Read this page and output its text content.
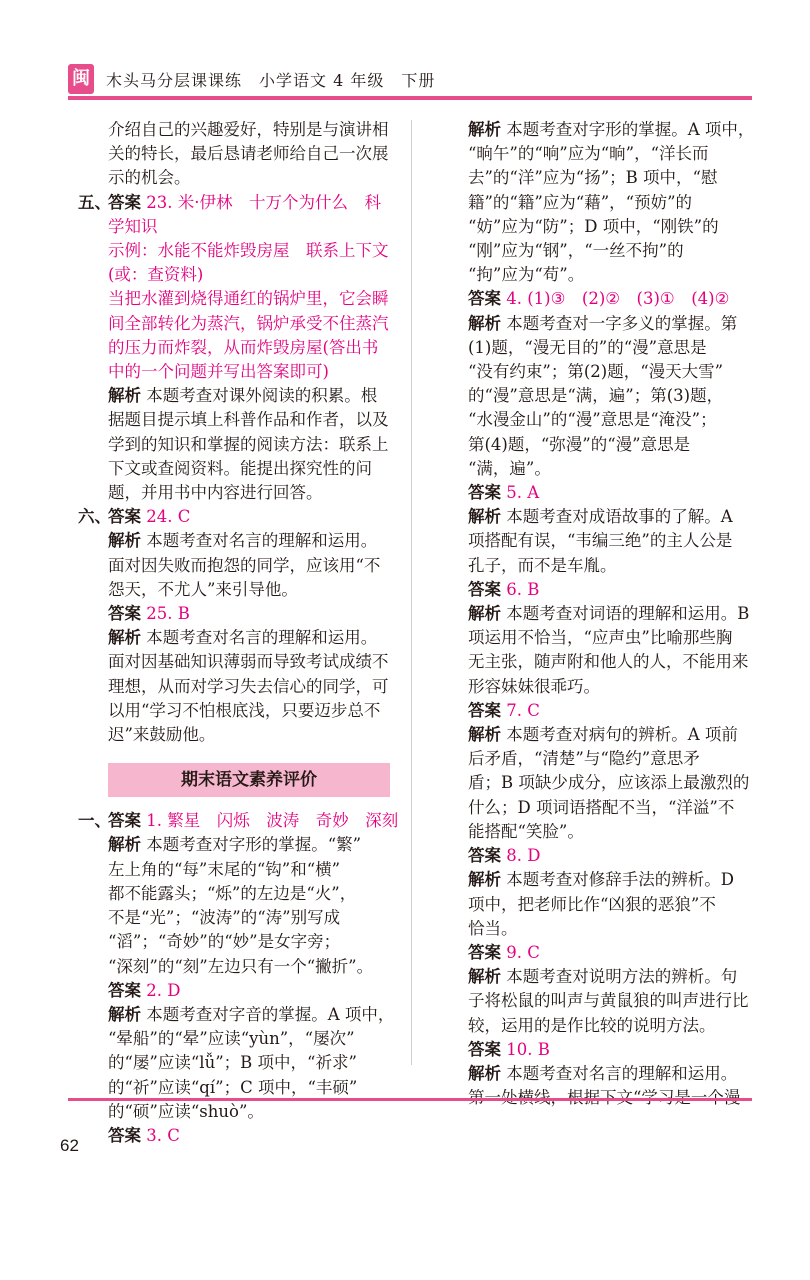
闽 木头马分层课课练　小学语文 4 年级　下册
介绍自己的兴趣爱好，特别是与演讲相
关的特长，最后恳请老师给自己一次展
示的机会。
五、
答案 23. 米·伊林　十万个为什么　科
学知识
示例：水能不能炸毁房屋　联系上下文
(或：查资料)
当把水灌到烧得通红的锅炉里，它会瞬
间全部转化为蒸汽，锅炉承受不住蒸汽
的压力而炸裂，从而炸毁房屋(答出书
中的一个问题并写出答案即可)
解析 本题考查对课外阅读的积累。根
据题目提示填上科普作品和作者，以及
学到的知识和掌握的阅读方法：联系上
下文或查阅资料。能提出探究性的问
题，并用书中内容进行回答。
六、
答案 24. C
解析 本题考查对名言的理解和运用。
面对因失败而抱怨的同学，应该用“不
怨天，不尤人”来引导他。
答案 25. B
解析 本题考查对名言的理解和运用。
面对因基础知识薄弱而导致考试成绩不
理想，从而对学习失去信心的同学，可
以用“学习不怕根底浅，只要迈步总不
迟”来鼓励他。
期末语文素养评价
一、
答案 1. 繁星　闪烁　波涛　奇妙　深刻
解析 本题考查对字形的掌握。“繁”
左上角的“每”末尾的“钩”和“横”
都不能露头；“烁”的左边是“火”，
不是“光”；“波涛”的“涛”别写成
“滔”；“奇妙”的“妙”是女字旁；
“深刻”的“刻”左边只有一个“撇折”。
答案 2. D
解析 本题考查对字音的掌握。A 项中，
“晕船”的“晕”应读“yùn”，“屡次”
的“屡”应读“lǚ”；B 项中，“祈求”
的“祈”应读“qí”；C 项中，“丰硕”
的“硕”应读“shuò”。
答案 3. C
解析 本题考查对字形的掌握。A 项中，
“晌午”的“响”应为“晌”，“洋长而
去”的“洋”应为“扬”；B 项中，“慰
籍”的“籍”应为“藉”，“预妨”的
“妨”应为“防”；D 项中，“刚铁”的
“刚”应为“钢”，“一丝不拘”的
“拘”应为“苟”。
答案 4. (1)③　(2)②　(3)①　(4)②
解析 本题考查对一字多义的掌握。第
(1)题，“漫无目的”的“漫”意思是
“没有约束”；第(2)题，“漫天大雪”
的“漫”意思是“满，遍”；第(3)题，
“水漫金山”的“漫”意思是“淹没”；
第(4)题，“弥漫”的“漫”意思是
“满，遍”。
答案 5. A
解析 本题考查对成语故事的了解。A
项搭配有误，“韦编三绝”的主人公是
孔子，而不是车胤。
答案 6. B
解析 本题考查对词语的理解和运用。B
项运用不恰当，“应声虫”比喻那些胸
无主张，随声附和他人的人，不能用来
形容妹妹很乖巧。
答案 7. C
解析 本题考查对病句的辨析。A 项前
后矛盾，“清楚”与“隐约”意思矛
盾；B 项缺少成分，应该添上最激烈的
什么；D 项词语搭配不当，“洋溢”不
能搭配“笑脸”。
答案 8. D
解析 本题考查对修辞手法的辨析。D
项中，把老师比作“凶狠的恶狼”不
恰当。
答案 9. C
解析 本题考查对说明方法的辨析。句
子将松鼠的叫声与黄鼠狼的叫声进行比
较，运用的是作比较的说明方法。
答案 10. B
解析 本题考查对名言的理解和运用。
62
